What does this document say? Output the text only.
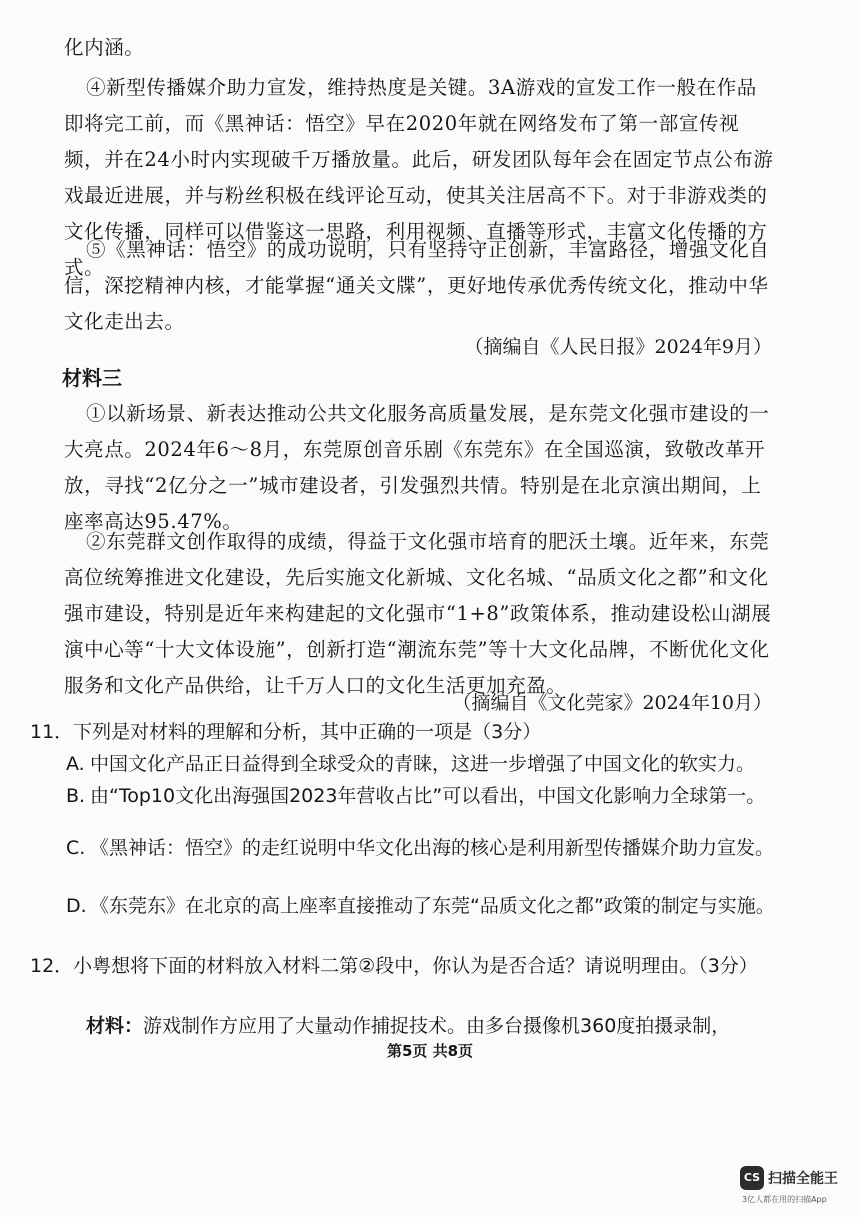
化内涵。

④新型传播媒介助力宣发，维持热度是关键。3A游戏的宣发工作一般在作品即将完工前，而《黑神话：悟空》早在2020年就在网络发布了第一部宣传视频，并在24小时内实现破千万播放量。此后，研发团队每年会在固定节点公布游戏最近进展，并与粉丝积极在线评论互动，使其关注居高不下。对于非游戏类的文化传播，同样可以借鉴这一思路，利用视频、直播等形式，丰富文化传播的方式。

⑤《黑神话：悟空》的成功说明，只有坚持守正创新，丰富路径，增强文化自信，深挖精神内核，才能掌握“通关文牒”，更好地传承优秀传统文化，推动中华文化走出去。

（摘编自《人民日报》2024年9月）

材料三

①以新场景、新表达推动公共文化服务高质量发展，是东莞文化强市建设的一大亮点。2024年6～8月，东莞原创音乐剧《东莞东》在全国巡演，致敬改革开放，寻找“2亿分之一”城市建设者，引发强烈共情。特别是在北京演出期间，上座率高达95.47%。

②东莞群文创作取得的成绩，得益于文化强市培育的肥沃土壤。近年来，东莞高位统筹推进文化建设，先后实施文化新城、文化名城、“品质文化之都”和文化强市建设，特别是近年来构建起的文化强市“1+8”政策体系，推动建设松山湖展演中心等“十大文体设施”，创新打造“潮流东莞”等十大文化品牌，不断优化文化服务和文化产品供给，让千万人口的文化生活更加充盈。

（摘编自《文化莞家》2024年10月）

11．下列是对材料的理解和分析，其中正确的一项是（3分）

A. 中国文化产品正日益得到全球受众的青睐，这进一步增强了中国文化的软实力。

B. 由“Top10文化出海强国2023年营收占比”可以看出，中国文化影响力全球第一。

C. 《黑神话：悟空》的走红说明中华文化出海的核心是利用新型传播媒介助力宣发。

D. 《东莞东》在北京的高上座率直接推动了东莞“品质文化之都”政策的制定与实施。

12．小粤想将下面的材料放入材料二第②段中，你认为是否合适？请说明理由。（3分）

材料：游戏制作方应用了大量动作捕捉技术。由多台摄像机360度拍摄录制，

第5页 共8页
CS 扫描全能王
3亿人都在用的扫描App
